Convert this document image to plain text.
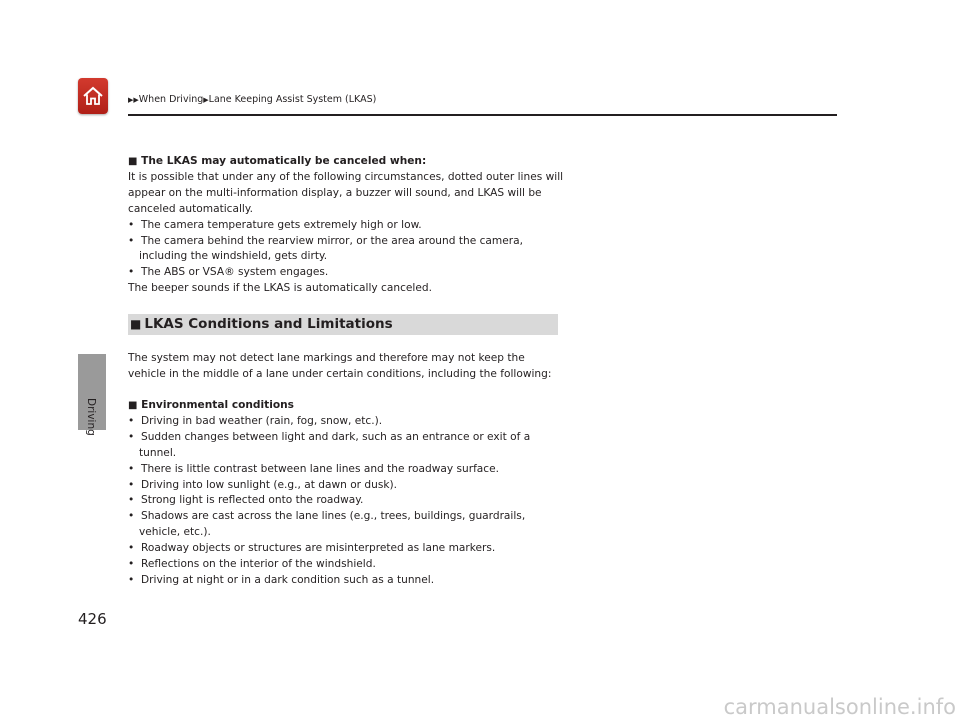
▶▶When Driving▶Lane Keeping Assist System (LKAS)
Driving

■ The LKAS may automatically be canceled when:

It is possible that under any of the following circumstances, dotted outer lines will appear on the multi-information display, a buzzer will sound, and LKAS will be canceled automatically.

•  The camera temperature gets extremely high or low.

•  The camera behind the rearview mirror, or the area around the camera, including the windshield, gets dirty.

•  The ABS or VSA® system engages.

The beeper sounds if the LKAS is automatically canceled.

■ LKAS Conditions and Limitations

The system may not detect lane markings and therefore may not keep the vehicle in the middle of a lane under certain conditions, including the following:

■ Environmental conditions

•  Driving in bad weather (rain, fog, snow, etc.).

•  Sudden changes between light and dark, such as an entrance or exit of a tunnel.

•  There is little contrast between lane lines and the roadway surface.

•  Driving into low sunlight (e.g., at dawn or dusk).

•  Strong light is reflected onto the roadway.

•  Shadows are cast across the lane lines (e.g., trees, buildings, guardrails, vehicle, etc.).

•  Roadway objects or structures are misinterpreted as lane markers.

•  Reflections on the interior of the windshield.

•  Driving at night or in a dark condition such as a tunnel.

426
carmanualsonline.info
